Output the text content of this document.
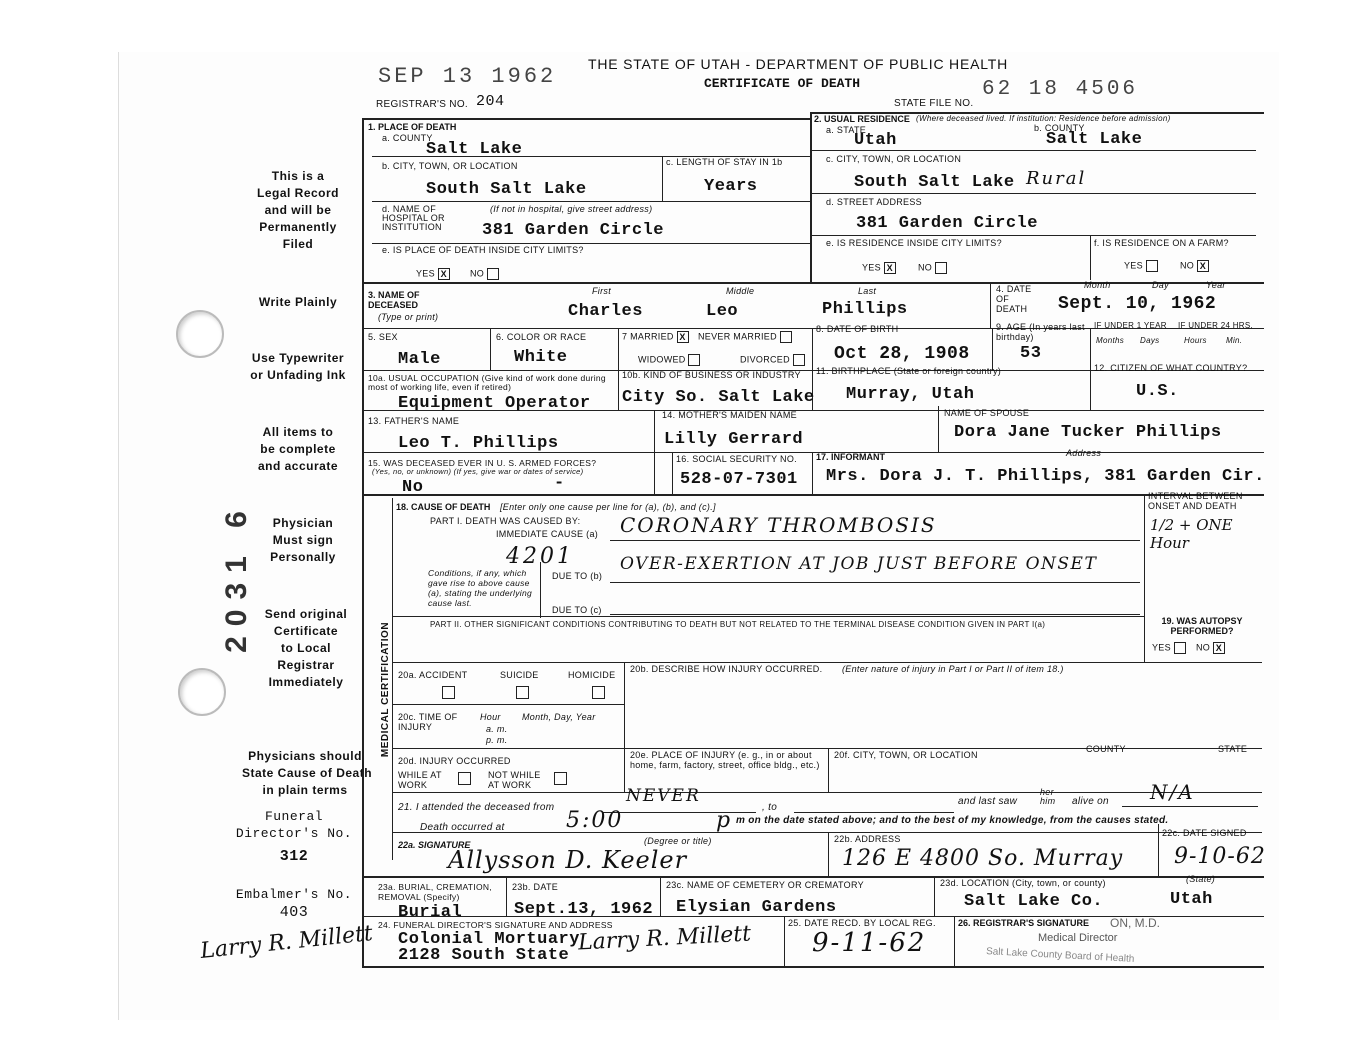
SEP 13 1962
REGISTRAR'S NO. 204
THE STATE OF UTAH - DEPARTMENT OF PUBLIC HEALTH
CERTIFICATE OF DEATH
STATE FILE NO.
62 18 4506
This is a
Legal Record
and will be
Permanently
Filed
Write Plainly
Use Typewriter
or Unfading Ink
All items to
be complete
and accurate
Physician
Must sign
Personally
Send original
Certificate
to Local
Registrar
Immediately
Physicians should
State Cause of Death
in plain terms
Funeral
Director's No.
312
Embalmer's No.
403
2031 6
Larry R. Millett
1. PLACE OF DEATH
a. COUNTY
Salt Lake
b. CITY, TOWN, OR LOCATION
South Salt Lake
c. LENGTH OF STAY IN 1b
Years
d. NAME OF HOSPITAL OR INSTITUTION
(If not in hospital, give street address)
381 Garden Circle
e. IS PLACE OF DEATH INSIDE CITY LIMITS?
YES X	NO
2. USUAL RESIDENCE (Where deceased lived. If institution: Residence before admission)
a. STATE
Utah
b. COUNTY
Salt Lake
c. CITY, TOWN, OR LOCATION
South Salt Lake Rural
d. STREET ADDRESS
381 Garden Circle
e. IS RESIDENCE INSIDE CITY LIMITS?
YES X	NO
f. IS RESIDENCE ON A FARM?
YES	NO X
3. NAME OF DECEASED
(Type or print)
First	Middle	Last
Charles	Leo	Phillips
4. DATE OF DEATH
Month	Day	Year
Sept. 10, 1962
5. SEX
Male
6. COLOR OR RACE
White
7 MARRIED X	NEVER MARRIED
WIDOWED	DIVORCED
8. DATE OF BIRTH
Oct 28, 1908
9. AGE (In years last birthday)
53
IF UNDER 1 YEAR IF UNDER 24 HRS.
Months Days	Hours Min.
10a. USUAL OCCUPATION (Give kind of work done during most of working life, even if retired)
Equipment Operator
10b. KIND OF BUSINESS OR INDUSTRY
City So. Salt Lake
11. BIRTHPLACE (State or foreign country)
Murray, Utah
12. CITIZEN OF WHAT COUNTRY?
U.S.
13. FATHER'S NAME
Leo T. Phillips
14. MOTHER'S MAIDEN NAME
Lilly Gerrard
NAME OF SPOUSE
Dora Jane Tucker Phillips
15. WAS DECEASED EVER IN U. S. ARMED FORCES?
(Yes, no, or unknown) (If yes, give war or dates of service)
No	-
16. SOCIAL SECURITY NO.
528-07-7301
17. INFORMANT	Address
Mrs. Dora J. T. Phillips, 381 Garden Cir.
MEDICAL CERTIFICATION
18. CAUSE OF DEATH [Enter only one cause per line for (a), (b), and (c).]
PART I. DEATH WAS CAUSED BY:
IMMEDIATE CAUSE (a) CORONARY THROMBOSIS
INTERVAL BETWEEN ONSET AND DEATH
1/2 + ONE Hour
4201
Conditions, if any, which gave rise to above cause (a), stating the underlying cause last.
DUE TO (b)
OVER-EXERTION AT JOB JUST BEFORE ONSET
DUE TO (c)
PART II. OTHER SIGNIFICANT CONDITIONS CONTRIBUTING TO DEATH BUT NOT RELATED TO THE TERMINAL DISEASE CONDITION GIVEN IN PART I(a)	19. WAS AUTOPSY PERFORMED?
YES	NO X
20a. ACCIDENT	SUICIDE	HOMICIDE
20b. DESCRIBE HOW INJURY OCCURRED. (Enter nature of injury in Part I or Part II of item 18.)
20c. TIME OF INJURY
Hour
a. m.
p. m.
Month, Day, Year
20d. INJURY OCCURRED
WHILE AT WORK
NOT WHILE AT WORK
20e. PLACE OF INJURY (e. g., in or about home, farm, factory, street, office bldg., etc.)
20f. CITY, TOWN, OR LOCATION
COUNTY	STATE
21. I attended the deceased from
NEVER
, to
and last saw
her him	alive on N/A
Death occurred at	5:00	p m on the date stated above; and to the best of my knowledge, from the causes stated.
22a. SIGNATURE	(Degree or title)
Allysson D. Keeler
22b. ADDRESS
126 E 4800 So. Murray
22c. DATE SIGNED
9-10-62
23a. BURIAL, CREMATION, REMOVAL (Specify)
Burial
23b. DATE
Sept.13, 1962
23c. NAME OF CEMETERY OR CREMATORY
Elysian Gardens
23d. LOCATION (City, town, or county)	(State)
Salt Lake Co.	Utah
24. FUNERAL DIRECTOR'S SIGNATURE AND ADDRESS
Colonial Mortuary
2128 South State Larry R. Millett	25. DATE RECD. BY LOCAL REG.
9-11-62
26. REGISTRAR'S SIGNATURE ON, M.D.
Medical Director
Salt Lake County Board of Health
